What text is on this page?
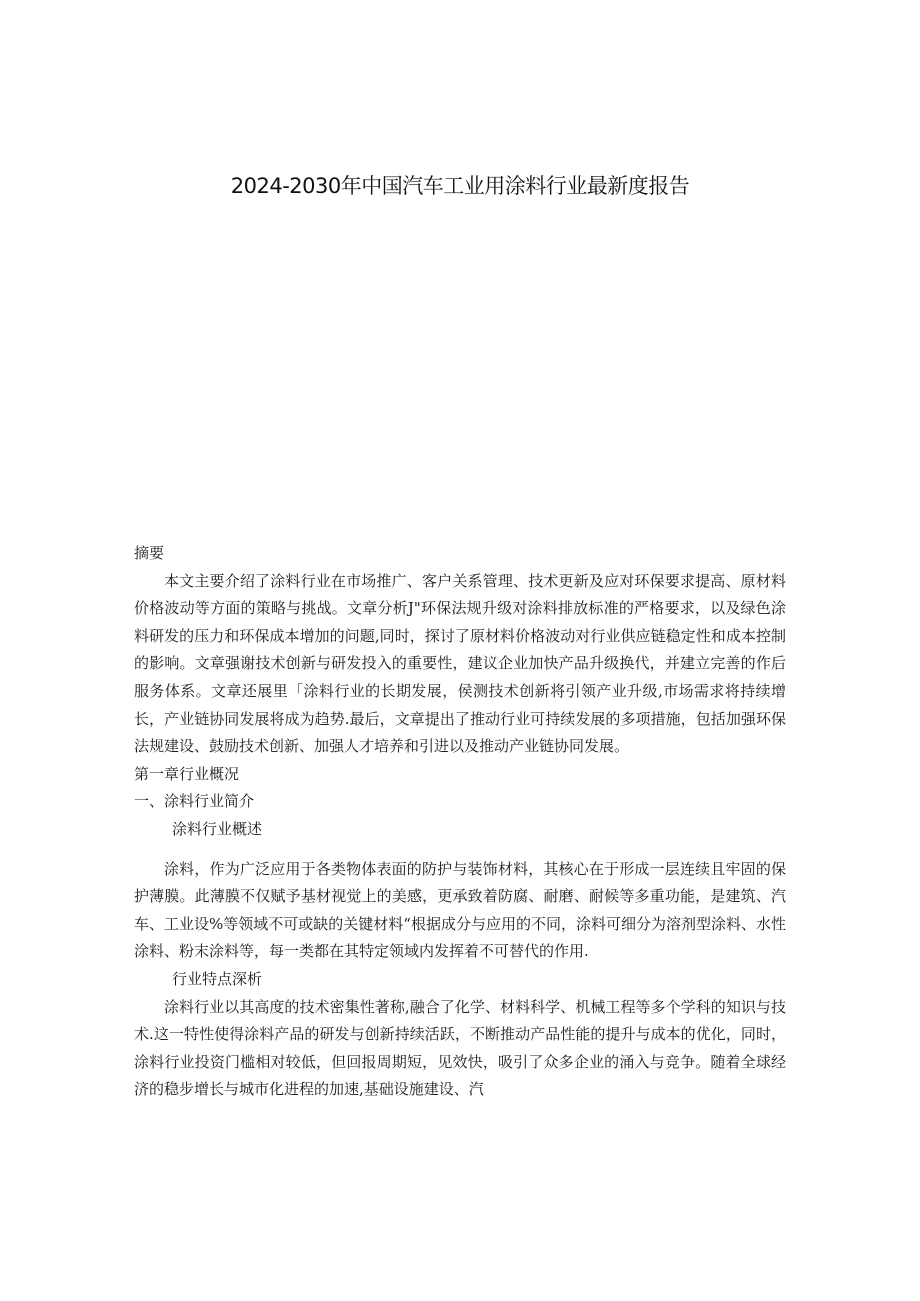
2024-2030年中国汽车工业用涂料行业最新度报告
摘要

本文主要介绍了涂料行业在市场推广、客户关系管理、技术更新及应对环保要求提高、原材料价格波动等方面的策略与挑战。文章分析J"环保法规升级对涂料排放标准的严格要求，以及绿色涂料研发的压力和环保成本增加的问题,同时，探讨了原材料价格波动对行业供应链稳定性和成本控制的影响。文章强谢技术创新与研发投入的重要性，建议企业加快产品升级换代，并建立完善的作后服务体系。文章还展里「涂料行业的长期发展，侯测技术创新将引领产业升级,市场需求将持续增长，产业链协同发展将成为趋势.最后，文章提出了推动行业可持续发展的多项措施，包括加强环保法规建设、鼓励技术创新、加强人才培养和引进以及推动产业链协同发展。

第一章行业概况
一、涂料行业简介
涂料行业概述

涂料，作为广泛应用于各类物体表面的防护与装饰材料，其核心在于形成一层连续且牢固的保护薄膜。此薄膜不仅赋予基材视觉上的美感，更承致着防腐、耐磨、耐候等多重功能，是建筑、汽车、工业设%等领域不可或缺的关键材料“根据成分与应用的不同，涂料可细分为溶剂型涂料、水性涂料、粉末涂料等，每一类都在其特定领域内发挥着不可替代的作用.

行业特点深析

涂料行业以其高度的技术密集性著称,融合了化学、材料科学、机械工程等多个学科的知识与技术.这一特性使得涂料产品的研发与创新持续活跃，不断推动产品性能的提升与成本的优化，同时，涂料行业投资门槛相对较低，但回报周期短，见效快，吸引了众多企业的涌入与竞争。随着全球经济的稳步增长与城市化进程的加速,基础设施建设、汽
